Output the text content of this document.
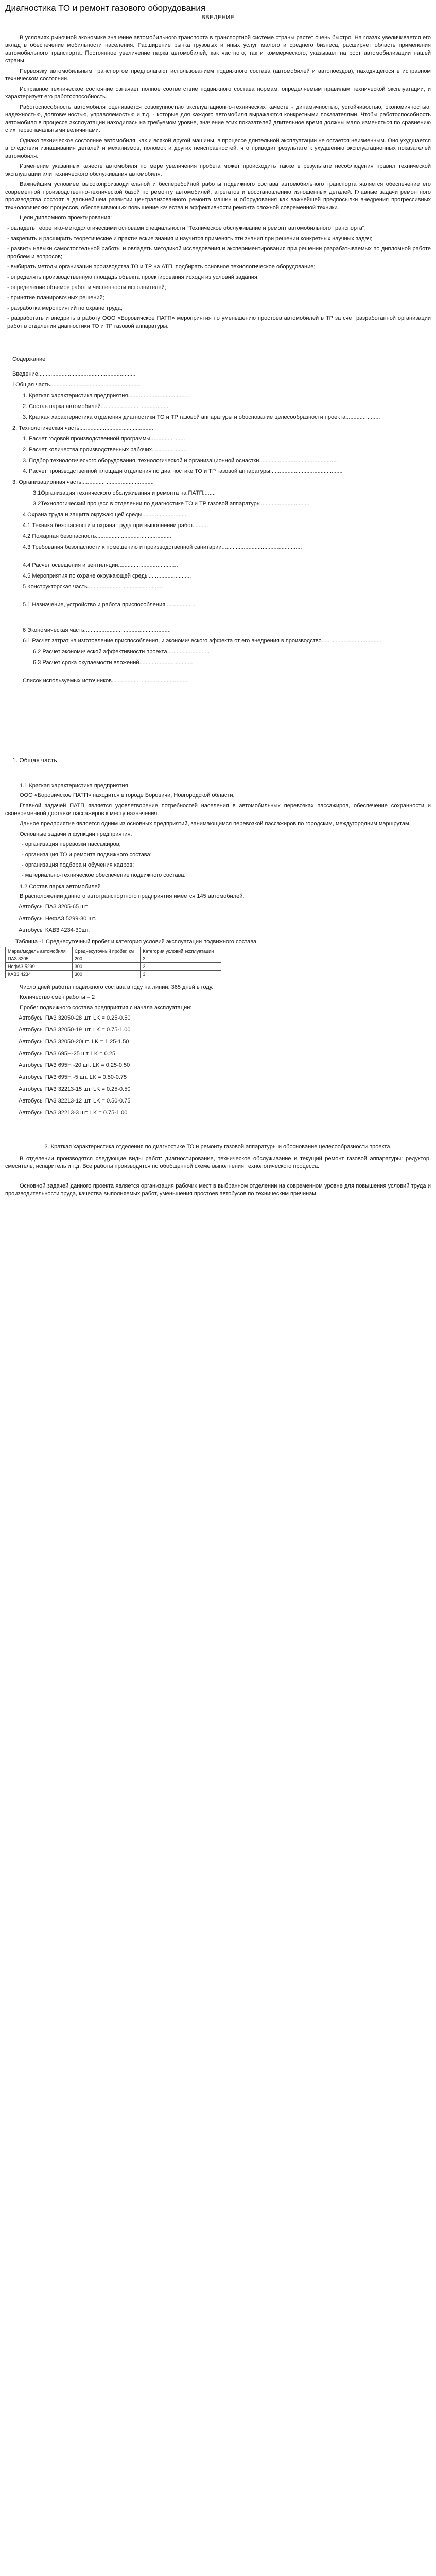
Диагностика ТО и ремонт газового оборудования
ВВЕДЕНИЕ

В условиях рыночной экономике значение автомобильного транспорта в транспортной системе страны растет очень быстро. На глазах увеличивается его вклад в обеспечение мобильности населения. Расширение рынка грузовых и иных услуг, малого и среднего бизнеса, расширяет область применения автомобильного транспорта. Постоянное увеличение парка автомобилей, как частного, так и коммерческого, указывает на рост автомобилизации нашей страны.

Первоязку автомобильным транспортом предполагают использованием подвижного состава (автомобилей и автопоездов), находящегося в исправном техническом состоянии.

Исправное техническое состояние означает полное соответствие подвижного состава нормам, определяемым правилам технической эксплуатации, и характеризует его работоспособность.

Работоспособность автомобиля оценивается совокупностью эксплуатационно-технических качеств - динамичностью, устойчивостью, экономичностью, надежностью, долговечностью, управляемостью и т.д. - которые для каждого автомобиля выражаются конкретными показателями. Чтобы работоспособность автомобиля в процессе эксплуатации находилась на требуемом уровне, значение этих показателей длительное время должны мало изменяться по сравнению с их первоначальными величинами.

Однако техническое состояние автомобиля, как и всякой другой машины, в процессе длительной эксплуатации не остается неизменным. Оно ухудшается в следствии изнашивания деталей и механизмов, поломок и других неисправностей, что приводит результате к ухудшению эксплуатационных показателей автомобиля.

Изменение указанных качеств автомобиля по мере увеличения пробега может происходить также в результате несоблюдения правил технической эксплуатации или технического обслуживания автомобиля.

Важнейшим условием высокопроизводительной и бесперебойной работы подвижного состава автомобильного транспорта является обеспечение его современной производственно-технической базой по ремонту автомобилей, агрегатов и восстановлению изношенных деталей. Главные задачи ремонтного производства состоят в дальнейшем развитии централизованного ремонта машин и оборудования как важнейшей предпосылки внедрения прогрессивных технологических процессов, обеспечивающих повышение качества и эффективности ремонта сложной современной техники.

Цели дипломного проектирования:

- овладеть теоретико-методологическими основами специальности "Техническое обслуживание и ремонт автомобильного транспорта";

- закрепить и расширить теоретические и практические знания и научится применять эти знания при решении конкретных научных задач;

- развить навыки самостоятельной работы и овладеть методикой исследования и экспериментирования при решении разрабатываемых по дипломной работе проблем и вопросов;

- выбирать методы организации производства ТО и ТР на АТП, подбирать основное технологическое оборудование;

- определять производственную площадь объекта проектирования исходя из условий задания;

- определение объемов работ и численности исполнителей;

- принятие планировочных решений;

- разработка мероприятий по охране труда;

- разработать и внедрить в работу ООО «Боровичское ПАТП» мероприятия по уменьшению простоев автомобилей в ТР за счет разработанной организации работ в отделении диагностики ТО и ТР газовой аппаратуры.

Содержание
Введение..............................................................
1Общая часть..........................................................
1. Краткая характеристика предприятия.......................................
2. Состав парка автомобилей...........................................
3. Краткая характеристика отделения диагностики ТО и ТР газовой аппаратуры и обоснование целесообразности проекта......................
2. Технологическая часть...............................................
1. Расчет годовой производственной программы......................
2. Расчет количества производственных рабочих......................
3. Подбор технологического оборудования, технологической и организационной оснастки..................................................
4. Расчет производственной площади отделения по диагностике ТО и ТР газовой аппаратуры..............................................
3. Организационная часть..............................................
3.1Организация технического обслуживания и ремонта на ПАТП........
3.2Технологический процесс в отделении по диагностике ТО и ТР газовой аппаратуры...............................
4 Охрана труда и защита окружающей среды............................
4.1 Техника безопасности и охрана труда при выполнении работ..........
4.2 Пожарная безопасность................................................
4.3 Требования безопасности к помещению и производственной санитарии...................................................
4.4 Расчет освещения и вентиляции......................................
4.5 Мероприятия по охране окружающей среды...........................
5 Конструкторская часть................................................
5.1 Назначение, устройство и работа приспособления...................
6 Экономическая часть.......................................................
6.1 Расчет затрат на изготовление приспособления, и экономического эффекта от его внедрения в производство......................................
6.2 Расчет экономической эффективности проекта...........................
6.3 Расчет срока окупаемости вложений..................................
Список используемых источников................................................
1. Общая часть
1.1 Краткая характеристика предприятия

ООО «Боровичское ПАТП» находится в городе Боровичи, Новгородской области.

Главной задачей ПАТП является удовлетворение потребностей населения в автомобильных перевозках пассажиров, обеспечение сохранности и своевременной доставки пассажиров к месту назначения.

Данное предприятие является одним из основных предприятий, занимающимся перевозкой пассажиров по городским, междугородним маршрутам.

Основные задачи и функции предприятия:

- организация перевозки пассажиров;

- организация ТО и ремонта подвижного состава;

- организация подбора и обучения кадров;

- материально-техническое обеспечение подвижного состава.

1.2 Состав парка автомобилей

В расположении данного автотранспортного предприятия имеется 145 автомобилей.

Автобусы ПАЗ 3205-65 шт.
Автобусы НефАЗ 5299-30 шт.
Автобусы КАВЗ 4234-30шт.
Таблица -1 Среднесуточный пробег и категория условий эксплуатации подвижного состава
Марка/модель автомобиля	Среднесуточный пробег, км	Категория условий эксплуатации
ПАЗ 3205	200	3
НефАЗ 5299	300	3
КАВЗ 4234	300	3

Число дней работы подвижного состава в году на линии: 365 дней в году.

Количество смен работы – 2

Пробег подвижного состава предприятия с начала эксплуатации:

Автобусы ПАЗ 32050-28 шт. LK = 0.25-0.50
Автобусы ПАЗ 32050-19 шт. LK = 0.75-1.00
Автобусы ПАЗ 32050-20шт. LK = 1.25-1.50
Автобусы ПАЗ 695Н-25 шт. LK = 0.25
Автобусы ПАЗ 695Н -20 шт. LK = 0.25-0.50
Автобусы ПАЗ 695Н -5 шт. LK = 0.50-0.75
Автобусы ПАЗ 32213-15 шт. LK = 0.25-0.50
Автобусы ПАЗ 32213-12 шт. LK = 0.50-0.75
Автобусы ПАЗ 32213-3 шт. LK = 0.75-1.00
3. Краткая характеристика отделения по диагностике ТО и ремонту газовой аппаратуры и обоснование целесообразности проекта.

В отделении производятся следующие виды работ: диагностирование, техническое обслуживание и текущий ремонт газовой аппаратуры: редуктор, смеситель, испаритель и т.д. Все работы производятся по обобщенной схеме выполнения технологического процесса.

Основной задачей данного проекта является организация рабочих мест в выбранном отделении на современном уровне для повышения условий труда и производительности труда, качества выполняемых работ, уменьшения простоев автобусов по техническим причинам.
